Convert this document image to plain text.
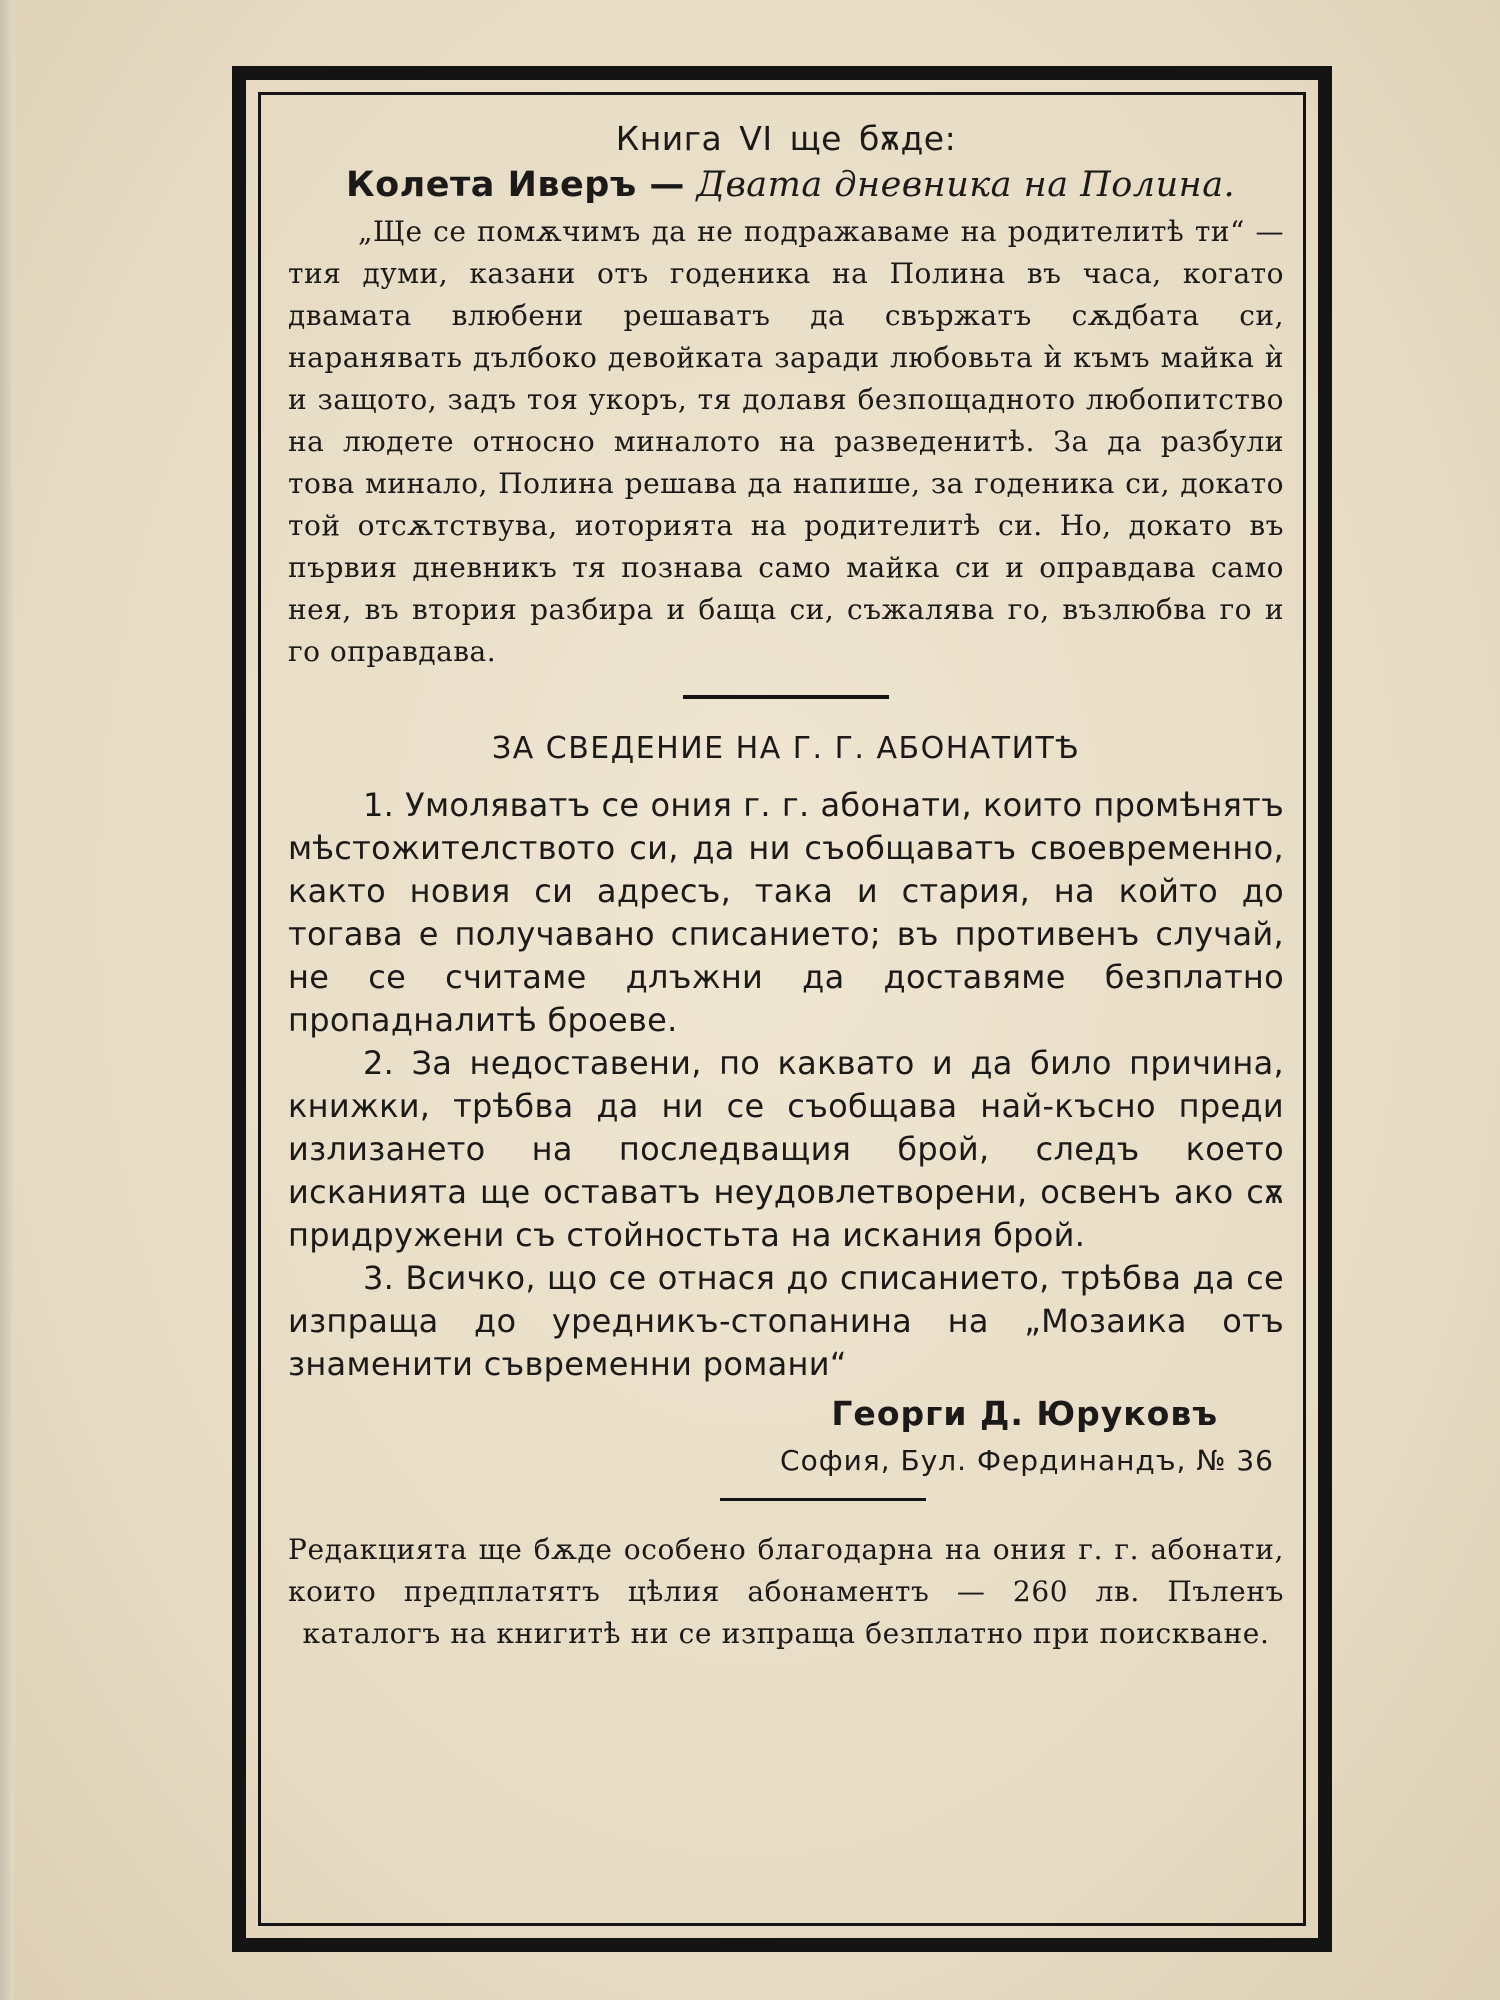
Книга VI ще бѫде:

Колета Иверъ — Двата дневника на Полина.

„Ще се помѫчимъ да не подражаваме на родителитѣ ти“ — тия думи, казани отъ годеника на Полина въ часа, когато двамата влюбени решаватъ да свържатъ сѫдбата си, наранявать дълбоко девойката заради любовьта ѝ къмъ майка ѝ и защото, задъ тоя укоръ, тя долавя безпощадното любопитство на людете относно миналото на разведенитѣ. За да разбули това минало, Полина решава да напише, за годеника си, докато той отсѫтствува, иоторията на родителитѣ си. Но, докато въ първия дневникъ тя познава само майка си и оправдава само нея, въ втория разбира и баща си, съжалява го, възлюбва го и го оправдава.

ЗА СВЕДЕНИЕ НА Г. Г. АБОНАТИТѢ

1. Умоляватъ се ония г. г. абонати, които промѣнятъ мѣстожителството си, да ни съобщаватъ своевременно, както новия си адресъ, така и стария, на който до тогава е получавано списанието; въ противенъ случай, не се считаме длъжни да доставяме безплатно пропадналитѣ броеве.

2. За недоставени, по каквато и да било причина, книжки, трѣбва да ни се съобщава най-късно преди излизането на последващия брой, следъ което исканията ще оставатъ неудовлетворени, освенъ ако сѫ придружени съ стойностьта на искания брой.

3. Всичко, що се отнася до списанието, трѣбва да се изпраща до уредникъ-стопанина на „Мозаика отъ знаменити съвременни романи“

Георги Д. Юруковъ
София, Бул. Фердинандъ, № 36

Редакцията ще бѫде особено благодарна на ония г. г. абонати, които предплатятъ цѣлия абонаментъ — 260 лв. Пъленъ каталогъ на книгитѣ ни се изпраща безплатно при поискване.
